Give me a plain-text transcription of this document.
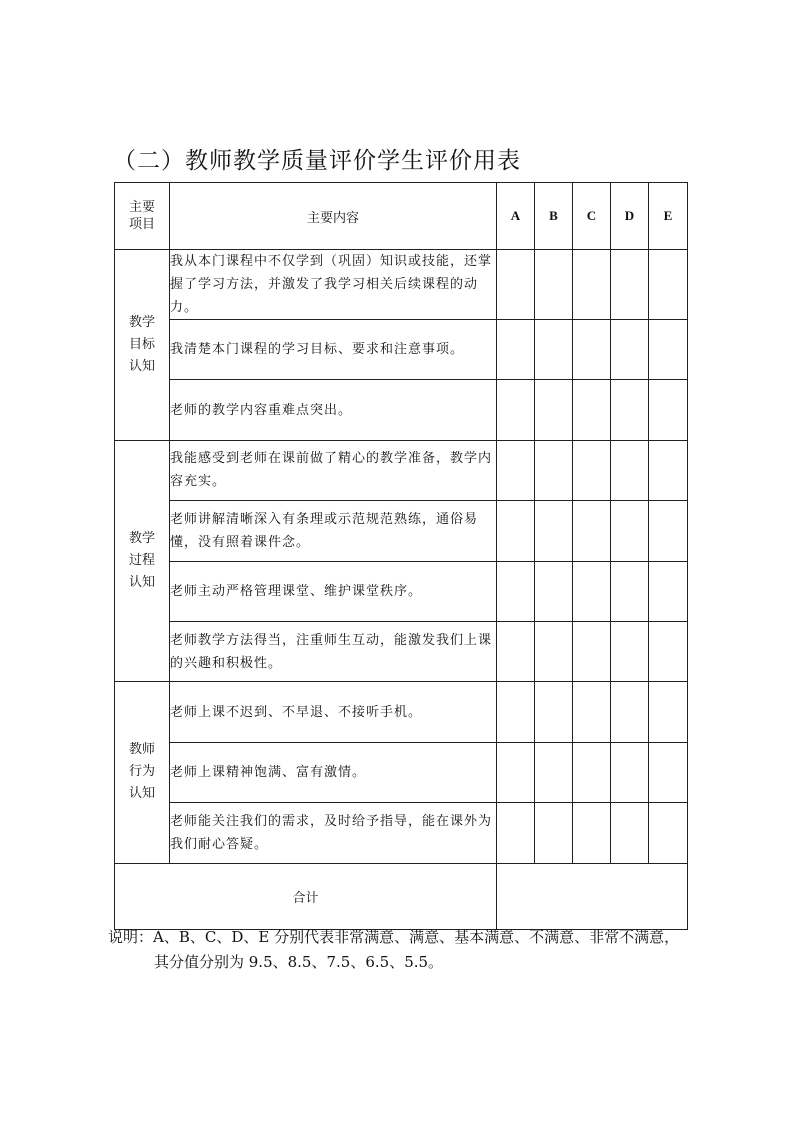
（二）教师教学质量评价学生评价用表
主要
项目	主要内容	A	B	C	D	E

教学
目标
认知	我从本门课程中不仅学到（巩固）知识或技能，还掌握了学习方法，并激发了我学习相关后续课程的动力。					
	我清楚本门课程的学习目标、要求和注意事项。					
	老师的教学内容重难点突出。					

教学
过程
认知	我能感受到老师在课前做了精心的教学准备，教学内容充实。					
	老师讲解清晰深入有条理或示范规范熟练，通俗易懂，没有照着课件念。					
	老师主动严格管理课堂、维护课堂秩序。					
	老师教学方法得当，注重师生互动，能激发我们上课的兴趣和积极性。					

教师
行为
认知	老师上课不迟到、不早退、不接听手机。					
	老师上课精神饱满、富有激情。					
	老师能关注我们的需求，及时给予指导，能在课外为我们耐心答疑。					
合计						
说明：A、B、C、D、E 分别代表非常满意、满意、基本满意、不满意、非常不满意，
其分值分别为 9.5、8.5、7.5、6.5、5.5。
